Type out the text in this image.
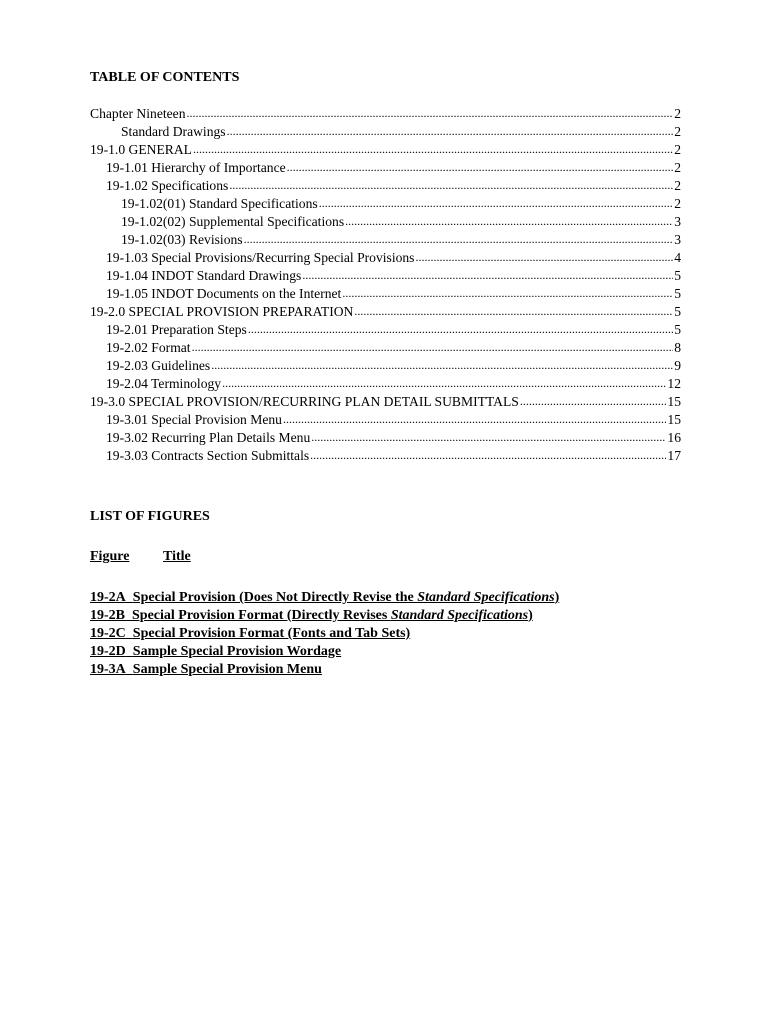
TABLE OF CONTENTS
Chapter Nineteen .....	2
Standard Drawings .....	2
19-1.0 GENERAL .....	2
19-1.01 Hierarchy of Importance .....	2
19-1.02 Specifications .....	2
19-1.02(01) Standard Specifications .....	2
19-1.02(02) Supplemental Specifications .....	3
19-1.02(03) Revisions .....	3
19-1.03 Special Provisions/Recurring Special Provisions .....	4
19-1.04 INDOT Standard Drawings .....	5
19-1.05 INDOT Documents on the Internet .....	5
19-2.0 SPECIAL PROVISION PREPARATION .....	5
19-2.01 Preparation Steps .....	5
19-2.02 Format .....	8
19-2.03 Guidelines .....	9
19-2.04 Terminology .....	12
19-3.0 SPECIAL PROVISION/RECURRING PLAN DETAIL SUBMITTALS .....	15
19-3.01 Special Provision Menu .....	15
19-3.02 Recurring Plan Details Menu .....	16
19-3.03 Contracts Section Submittals .....	17
LIST OF FIGURES
Figure Title
19-2A Special Provision (Does Not Directly Revise the Standard Specifications)
19-2B Special Provision Format (Directly Revises Standard Specifications)
19-2C Special Provision Format (Fonts and Tab Sets)
19-2D Sample Special Provision Wordage
19-3A Sample Special Provision Menu
